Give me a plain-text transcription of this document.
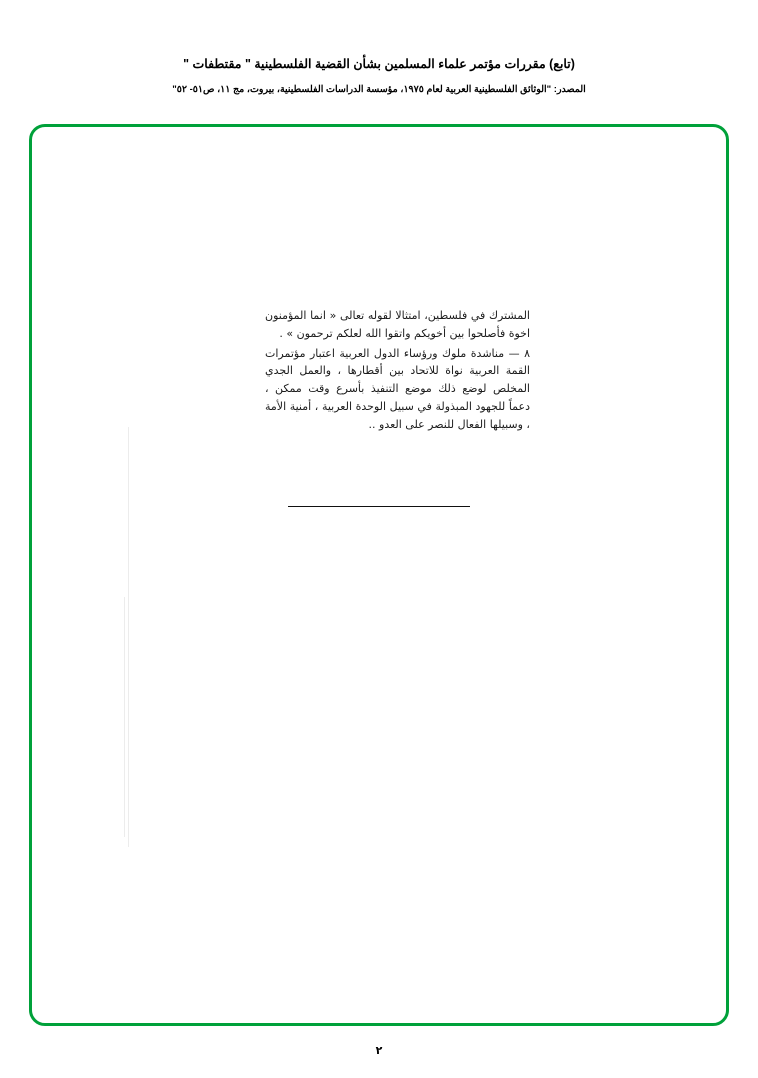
(تابع) مقررات مؤتمر علماء المسلمين بشأن القضية الفلسطينية " مقتطفات "
المصدر: "الوثائق الفلسطينية العربية لعام ١٩٧٥، مؤسسة الدراسات الفلسطينية، بيروت، مج ١١، ص٥١- ٥٢"

المشترك في فلسطين، امتثالا لقوله تعالى « انما المؤمنون اخوة فأصلحوا بين أخويكم واتقوا الله لعلكم ترحمون » .

٨ — مناشدة ملوك ورؤساء الدول العربية اعتبار مؤتمرات القمة العربية نواة للاتحاد بين أقطارها ، والعمل الجدي المخلص لوضع ذلك موضع التنفيذ بأسرع وقت ممكن ، دعماً للجهود المبذولة في سبيل الوحدة العربية ، أمنية الأمة ، وسبيلها الفعال للنصر على العدو ..

٢
